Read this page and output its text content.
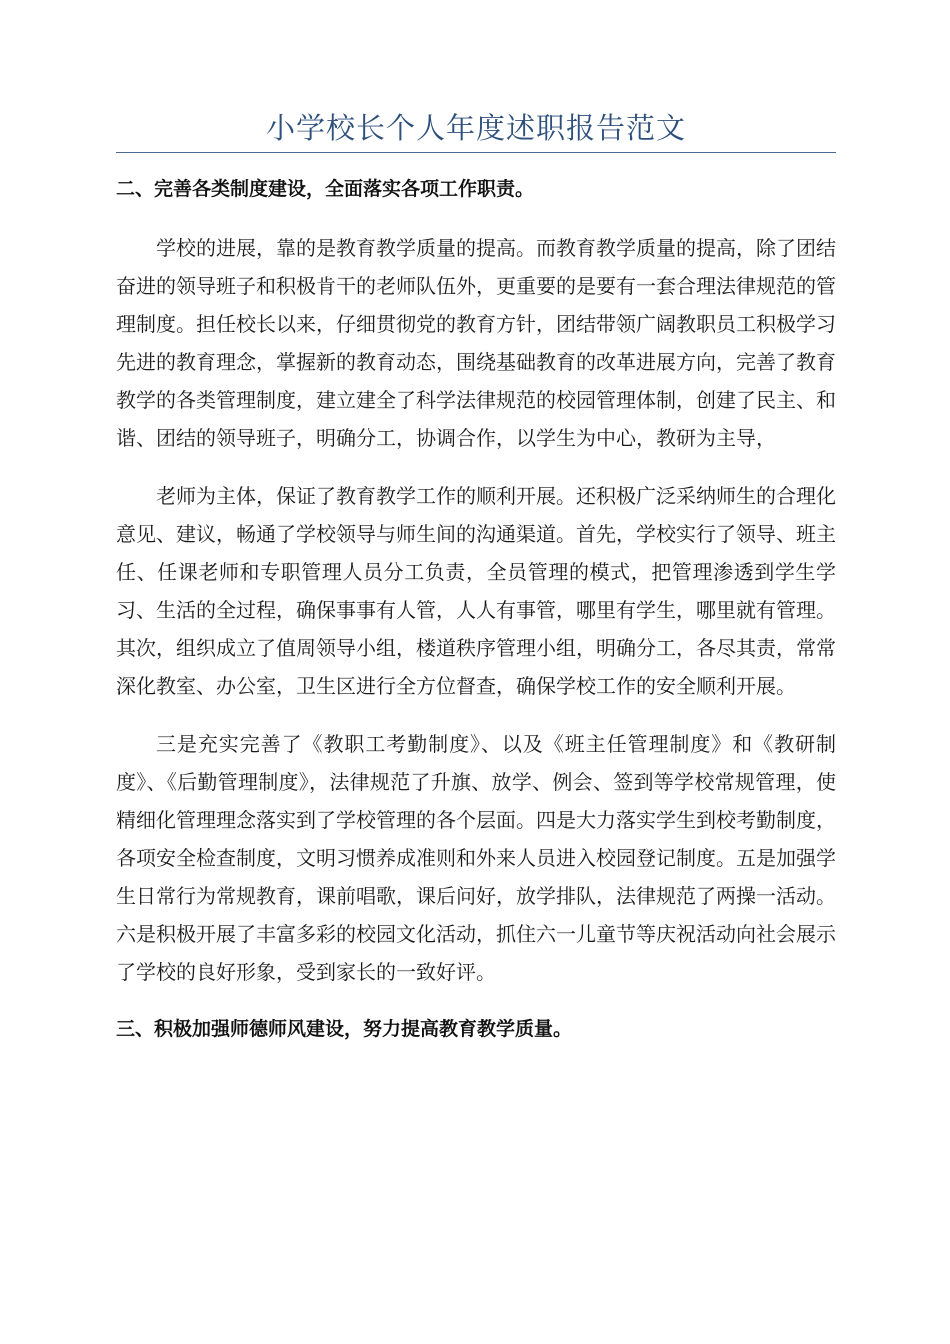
小学校长个人年度述职报告范文
二、完善各类制度建设，全面落实各项工作职责。

学校的进展，靠的是教育教学质量的提高。而教育教学质量的提高，除了团结奋进的领导班子和积极肯干的老师队伍外，更重要的是要有一套合理法律规范的管理制度。担任校长以来，仔细贯彻党的教育方针，团结带领广阔教职员工积极学习先进的教育理念，掌握新的教育动态，围绕基础教育的改革进展方向，完善了教育教学的各类管理制度，建立建全了科学法律规范的校园管理体制，创建了民主、和谐、团结的领导班子，明确分工，协调合作，以学生为中心，教研为主导，

老师为主体，保证了教育教学工作的顺利开展。还积极广泛采纳师生的合理化意见、建议，畅通了学校领导与师生间的沟通渠道。首先，学校实行了领导、班主任、任课老师和专职管理人员分工负责，全员管理的模式，把管理渗透到学生学习、生活的全过程，确保事事有人管，人人有事管，哪里有学生，哪里就有管理。其次，组织成立了值周领导小组，楼道秩序管理小组，明确分工，各尽其责，常常深化教室、办公室，卫生区进行全方位督查，确保学校工作的安全顺利开展。

三是充实完善了《教职工考勤制度》、以及《班主任管理制度》和《教研制度》、《后勤管理制度》，法律规范了升旗、放学、例会、签到等学校常规管理，使精细化管理理念落实到了学校管理的各个层面。四是大力落实学生到校考勤制度，各项安全检查制度，文明习惯养成准则和外来人员进入校园登记制度。五是加强学生日常行为常规教育，课前唱歌，课后问好，放学排队，法律规范了两操一活动。六是积极开展了丰富多彩的校园文化活动，抓住六一儿童节等庆祝活动向社会展示了学校的良好形象，受到家长的一致好评。

三、积极加强师德师风建设，努力提高教育教学质量。
